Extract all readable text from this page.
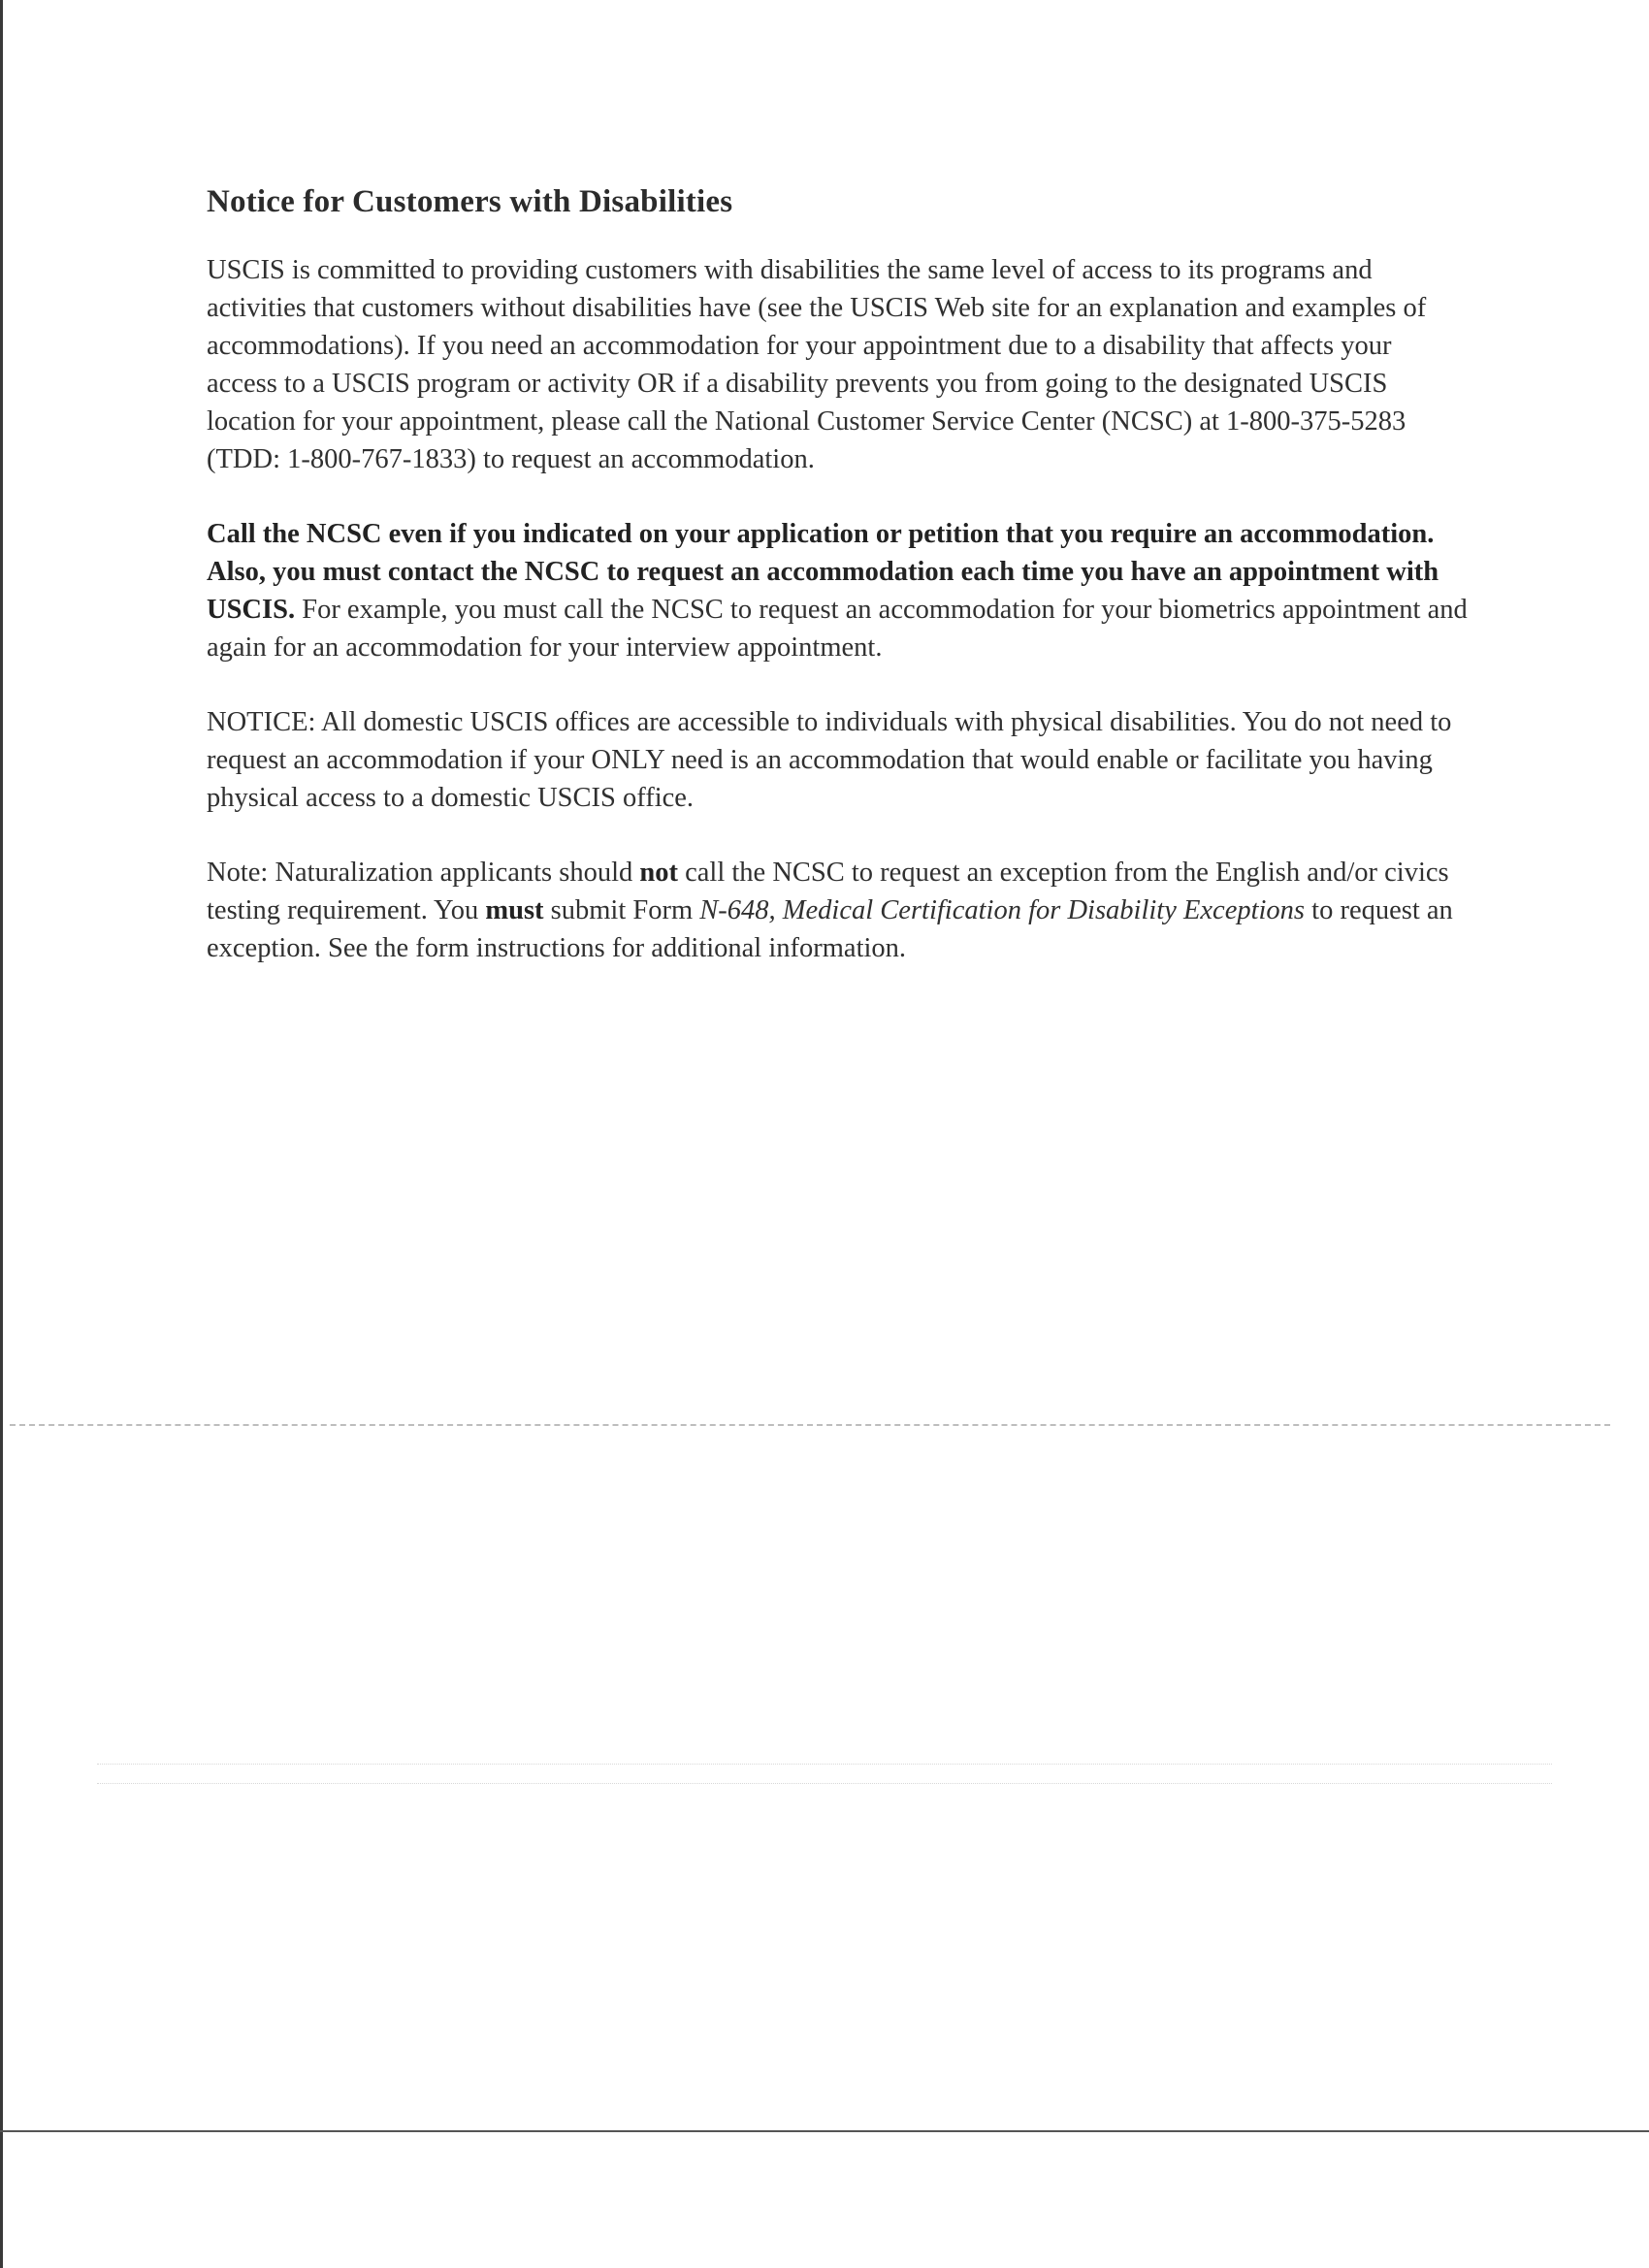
Notice for Customers with Disabilities

USCIS is committed to providing customers with disabilities the same level of access to its programs and activities that customers without disabilities have (see the USCIS Web site for an explanation and examples of accommodations). If you need an accommodation for your appointment due to a disability that affects your access to a USCIS program or activity OR if a disability prevents you from going to the designated USCIS location for your appointment, please call the National Customer Service Center (NCSC) at 1-800-375-5283 (TDD: 1-800-767-1833) to request an accommodation.

Call the NCSC even if you indicated on your application or petition that you require an accommodation. Also, you must contact the NCSC to request an accommodation each time you have an appointment with USCIS. For example, you must call the NCSC to request an accommodation for your biometrics appointment and again for an accommodation for your interview appointment.

NOTICE: All domestic USCIS offices are accessible to individuals with physical disabilities. You do not need to request an accommodation if your ONLY need is an accommodation that would enable or facilitate you having physical access to a domestic USCIS office.

Note: Naturalization applicants should not call the NCSC to request an exception from the English and/or civics testing requirement. You must submit Form N-648, Medical Certification for Disability Exceptions to request an exception. See the form instructions for additional information.
